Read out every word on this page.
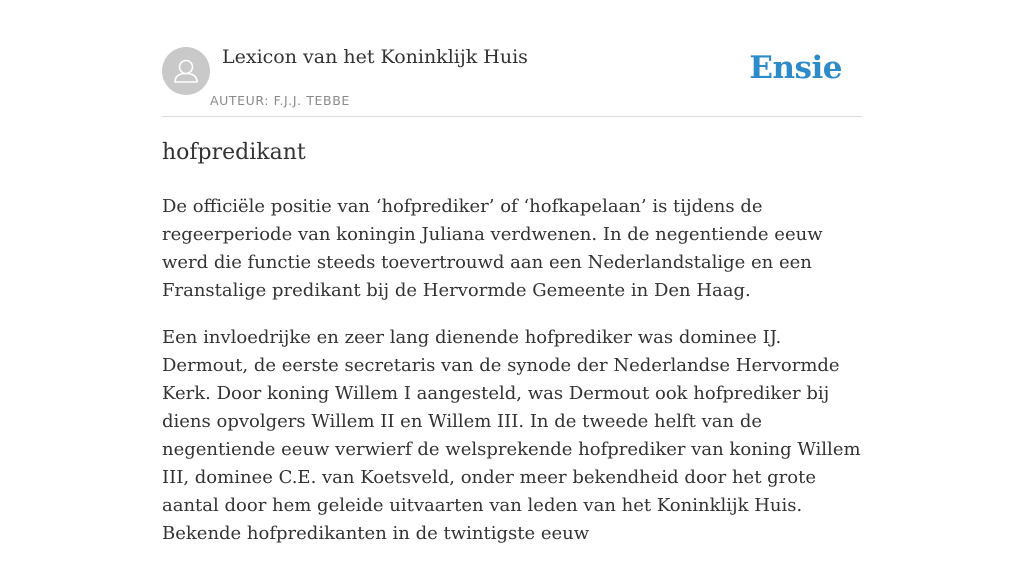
Lexicon van het Koninklijk Huis
AUTEUR: F.J.J. TEBBE
Ensie
hofpredikant

De officiële positie van ‘hofprediker’ of ‘hofkapelaan’ is tijdens de regeerperiode van koningin Juliana verdwenen. In de negentiende eeuw werd die functie steeds toevertrouwd aan een Nederlandstalige en een Franstalige predikant bij de Hervormde Gemeente in Den Haag.

Een invloedrijke en zeer lang dienende hofprediker was dominee IJ. Dermout, de eerste secretaris van de synode der Nederlandse Hervormde Kerk. Door koning Willem I aangesteld, was Dermout ook hofprediker bij diens opvolgers Willem II en Willem III. In de tweede helft van de negentiende eeuw verwierf de welsprekende hofprediker van koning Willem III, dominee C.E. van Koetsveld, onder meer bekendheid door het grote aantal door hem geleide uitvaarten van leden van het Koninklijk Huis. Bekende hofpredikanten in de twintigste eeuw
